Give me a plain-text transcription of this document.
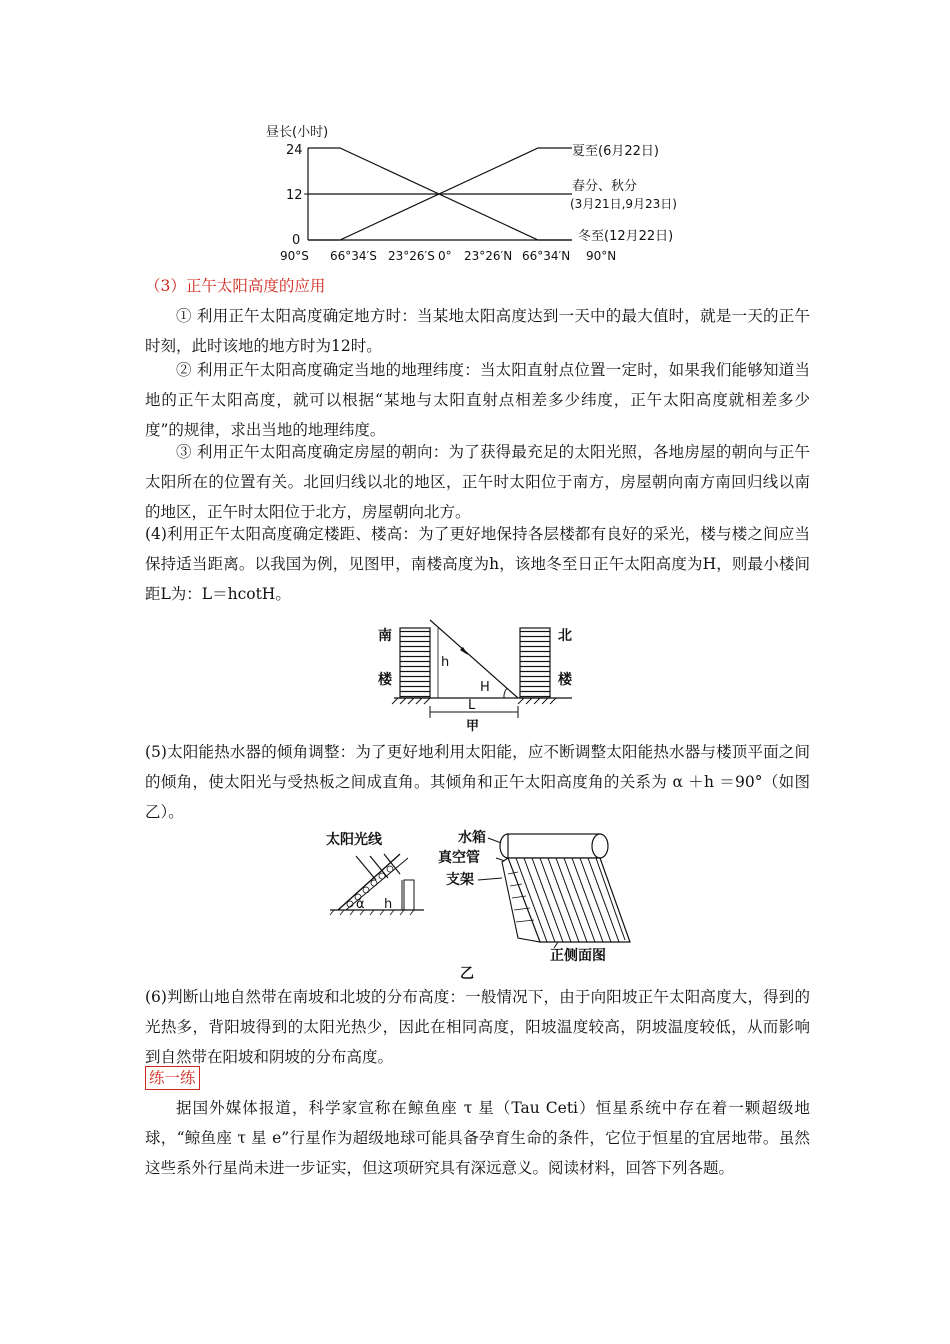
昼长(小时)
24
12
0
夏至(6月22日)
春分、秋分
(3月21日,9月23日)
冬至(12月22日)
90°S 66°34′S 23°26′S 0° 23°26′N 66°34′N 90°N

（3）正午太阳高度的应用

① 利用正午太阳高度确定地方时：当某地太阳高度达到一天中的最大值时，就是一天的正午时刻，此时该地的地方时为12时。

② 利用正午太阳高度确定当地的地理纬度：当太阳直射点位置一定时，如果我们能够知道当地的正午太阳高度，就可以根据“某地与太阳直射点相差多少纬度，正午太阳高度就相差多少度”的规律，求出当地的地理纬度。

③ 利用正午太阳高度确定房屋的朝向：为了获得最充足的太阳光照，各地房屋的朝向与正午太阳所在的位置有关。北回归线以北的地区，正午时太阳位于南方，房屋朝向南方南回归线以南的地区，正午时太阳位于北方，房屋朝向北方。

(4)利用正午太阳高度确定楼距、楼高：为了更好地保持各层楼都有良好的采光，楼与楼之间应当保持适当距离。以我国为例，见图甲，南楼高度为h，该地冬至日正午太阳高度为H，则最小楼间距L为：L＝hcotH。

南
楼
北
楼
h
H
L
甲

(5)太阳能热水器的倾角调整：为了更好地利用太阳能，应不断调整太阳能热水器与楼顶平面之间的倾角，使太阳光与受热板之间成直角。其倾角和正午太阳高度角的关系为 α ＋h ＝90°（如图乙）。

太阳光线
α h
水箱
真空管
支架
正侧面图
乙

(6)判断山地自然带在南坡和北坡的分布高度：一般情况下，由于向阳坡正午太阳高度大，得到的光热多，背阳坡得到的太阳光热少，因此在相同高度，阳坡温度较高，阴坡温度较低，从而影响到自然带在阳坡和阴坡的分布高度。

练一练

据国外媒体报道，科学家宣称在鲸鱼座 τ 星（Tau Ceti）恒星系统中存在着一颗超级地球，“鲸鱼座 τ 星 e”行星作为超级地球可能具备孕育生命的条件，它位于恒星的宜居地带。虽然这些系外行星尚未进一步证实，但这项研究具有深远意义。阅读材料，回答下列各题。
